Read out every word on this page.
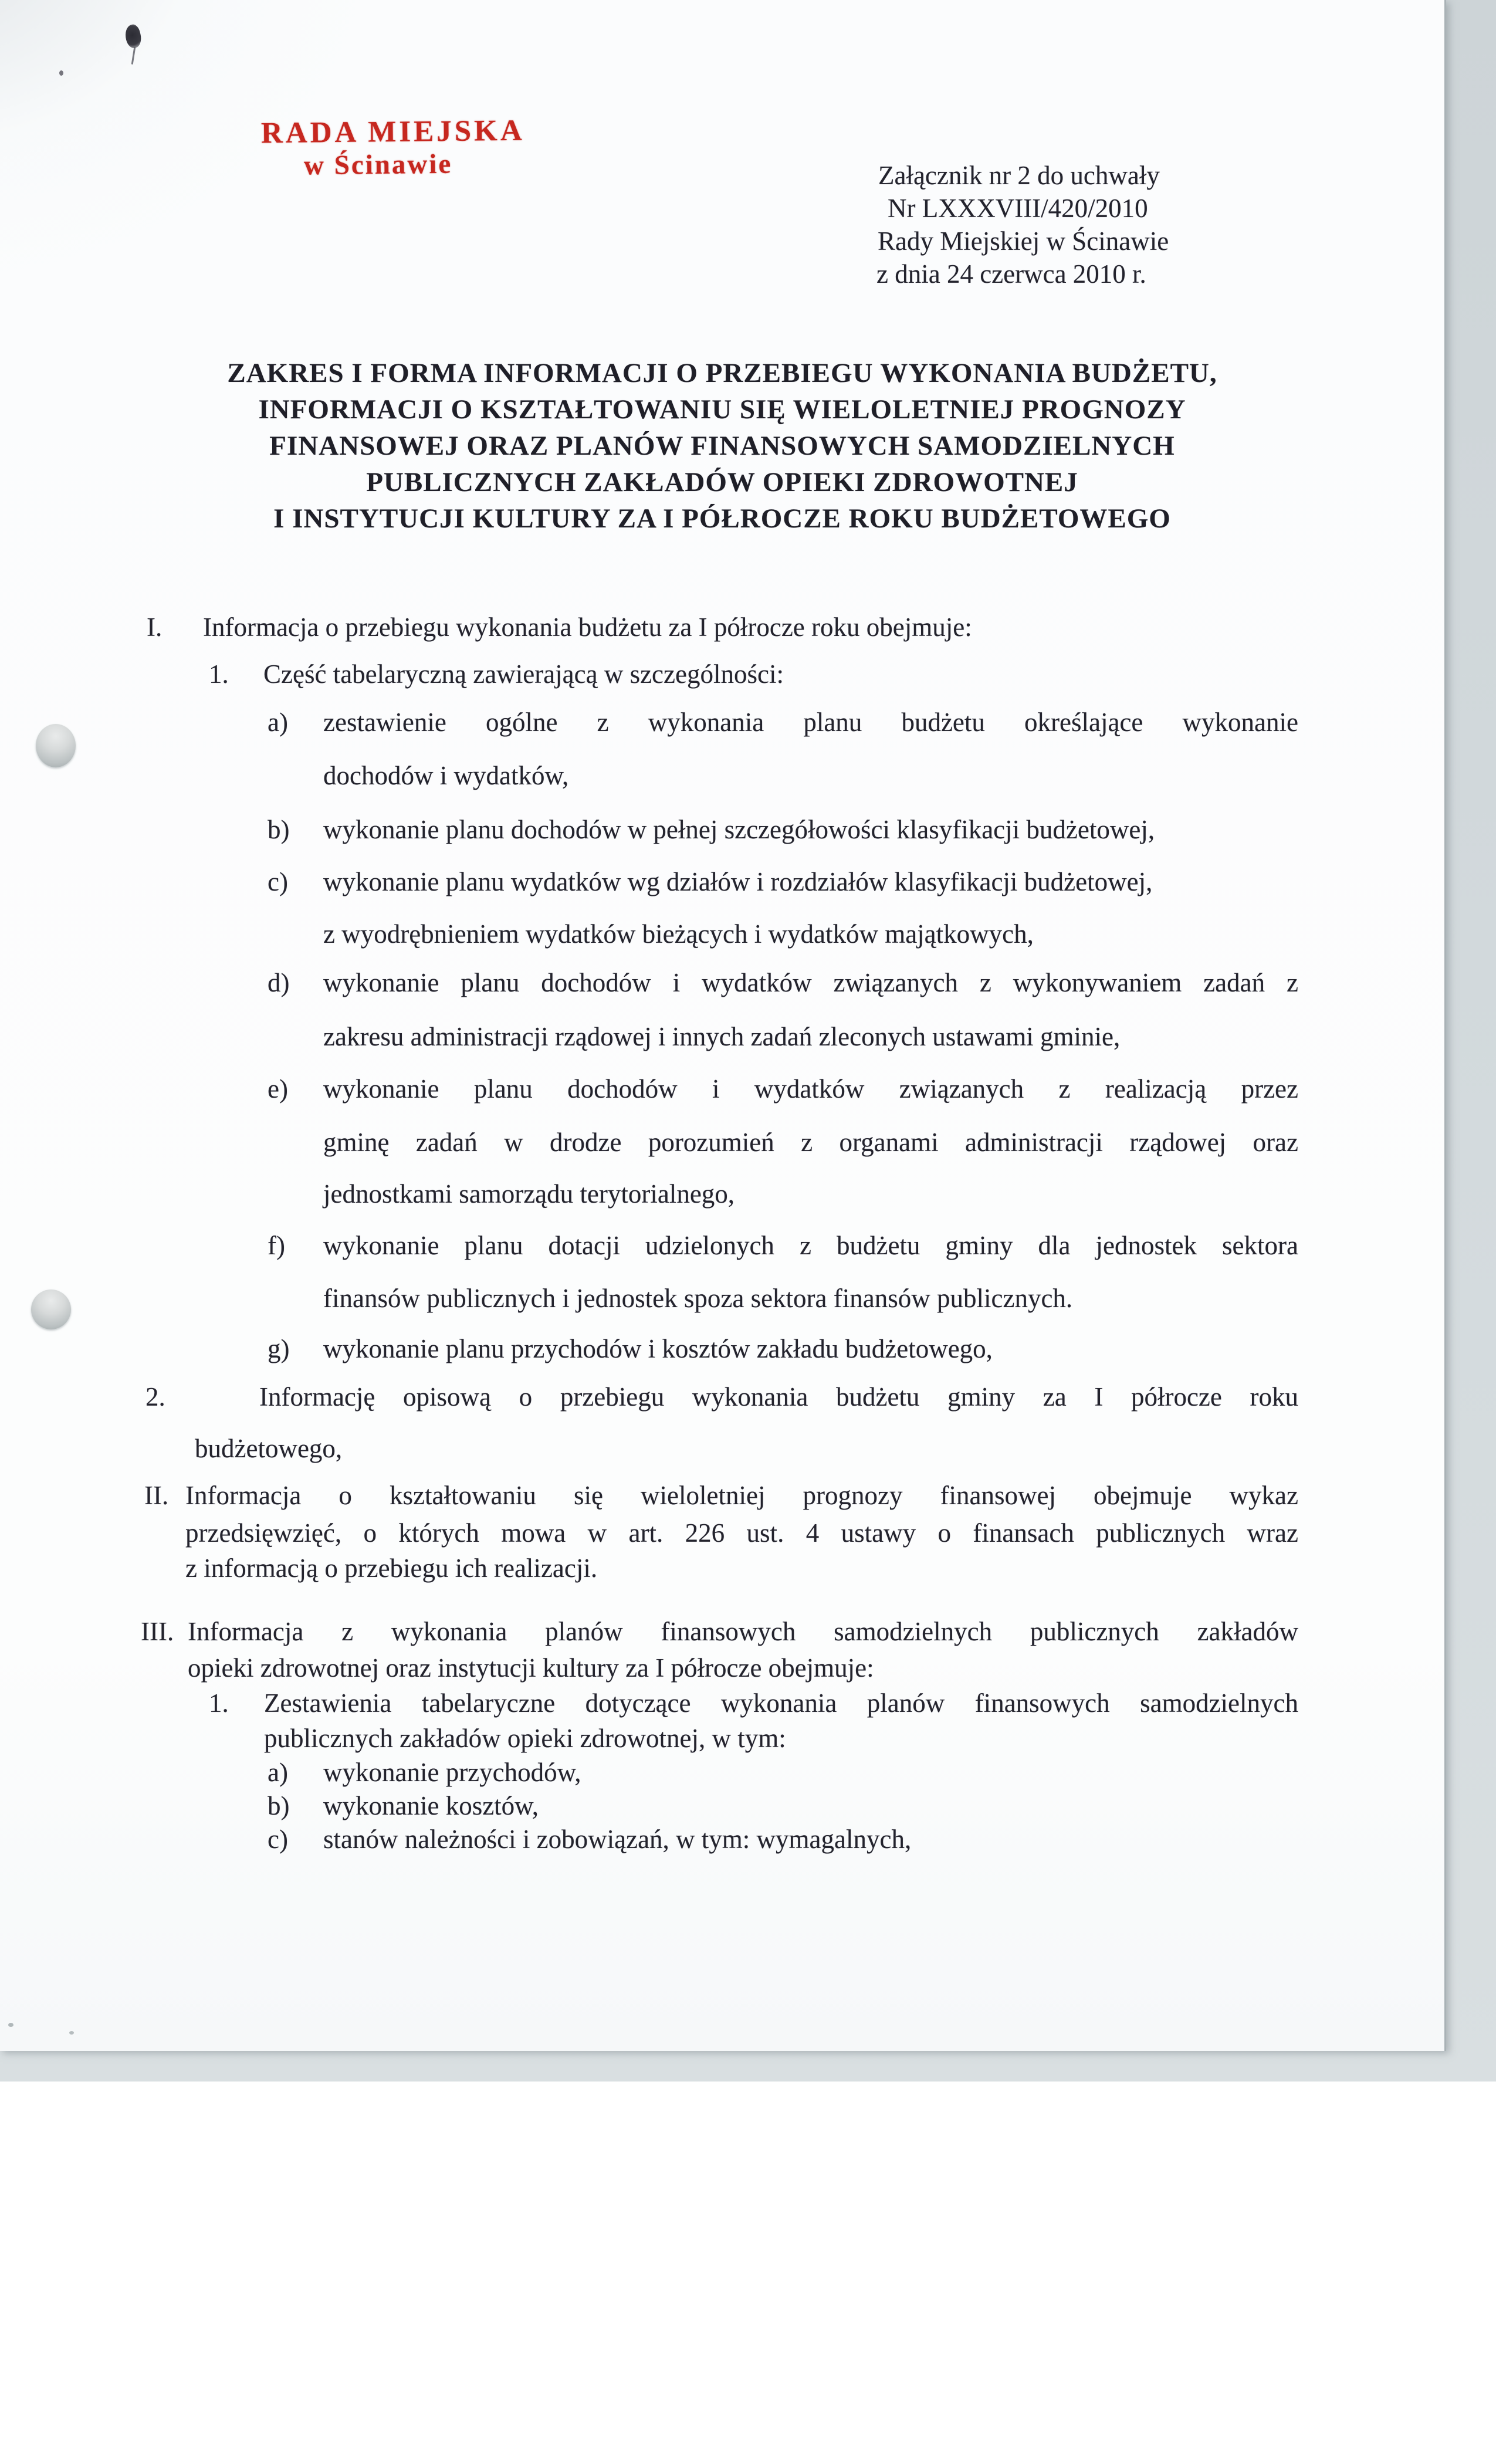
RADA MIEJSKA
w Ścinawie	Załącznik nr 2 do uchwały
Nr LXXXVIII/420/2010
Rady Miejskiej w Ścinawie
z dnia 24 czerwca 2010 r.
ZAKRES I FORMA INFORMACJI O PRZEBIEGU WYKONANIA BUDŻETU,
INFORMACJI O KSZTAŁTOWANIU SIĘ WIELOLETNIEJ PROGNOZY
FINANSOWEJ ORAZ PLANÓW FINANSOWYCH SAMODZIELNYCH
PUBLICZNYCH ZAKŁADÓW OPIEKI ZDROWOTNEJ
I INSTYTUCJI KULTURY ZA I PÓŁROCZE ROKU BUDŻETOWEGO
I. Informacja o przebiegu wykonania budżetu za I półrocze roku obejmuje:
1. Część tabelaryczną zawierającą w szczególności:
a) zestawienie ogólne z wykonania planu budżetu określające wykonanie
dochodów i wydatków,
b) wykonanie planu dochodów w pełnej szczegółowości klasyfikacji budżetowej,
c) wykonanie planu wydatków wg działów i rozdziałów klasyfikacji budżetowej,
z wyodrębnieniem wydatków bieżących i wydatków majątkowych,
d) wykonanie planu dochodów i wydatków związanych z wykonywaniem zadań z
zakresu administracji rządowej i innych zadań zleconych ustawami gminie,
e) wykonanie planu dochodów i wydatków związanych z realizacją przez
gminę zadań w drodze porozumień z organami administracji rządowej oraz
jednostkami samorządu terytorialnego,
f) wykonanie planu dotacji udzielonych z budżetu gminy dla jednostek sektora
finansów publicznych i jednostek spoza sektora finansów publicznych.
g) wykonanie planu przychodów i kosztów zakładu budżetowego,
2.	Informację opisową o przebiegu wykonania budżetu gminy za I półrocze roku
budżetowego,
II. Informacja o kształtowaniu się wieloletniej prognozy finansowej obejmuje wykaz
przedsięwzięć, o których mowa w art. 226 ust. 4 ustawy o finansach publicznych wraz
z informacją o przebiegu ich realizacji.
III. Informacja z wykonania planów finansowych samodzielnych publicznych zakładów
opieki zdrowotnej oraz instytucji kultury za I półrocze obejmuje:
1. Zestawienia tabelaryczne dotyczące wykonania planów finansowych samodzielnych
publicznych zakładów opieki zdrowotnej, w tym:
a) wykonanie przychodów,
b) wykonanie kosztów,
c) stanów należności i zobowiązań, w tym: wymagalnych,
